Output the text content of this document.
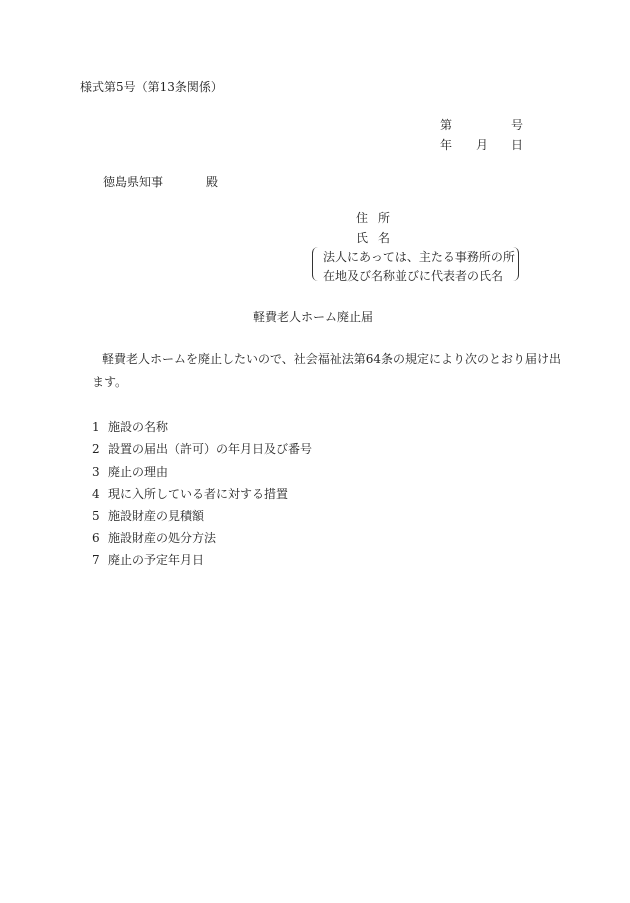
様式第5号（第13条関係）
第	号
年 月 日
徳島県知事	殿
住所
氏名
法人にあっては、主たる事務所の所
在地及び名称並びに代表者の氏名
軽費老人ホーム廃止届
軽費老人ホームを廃止したいので、社会福祉法第64条の規定により次のとおり届け出
ます。
1 施設の名称
2 設置の届出（許可）の年月日及び番号
3 廃止の理由
4 現に入所している者に対する措置
5 施設財産の見積額
6 施設財産の処分方法
7 廃止の予定年月日
